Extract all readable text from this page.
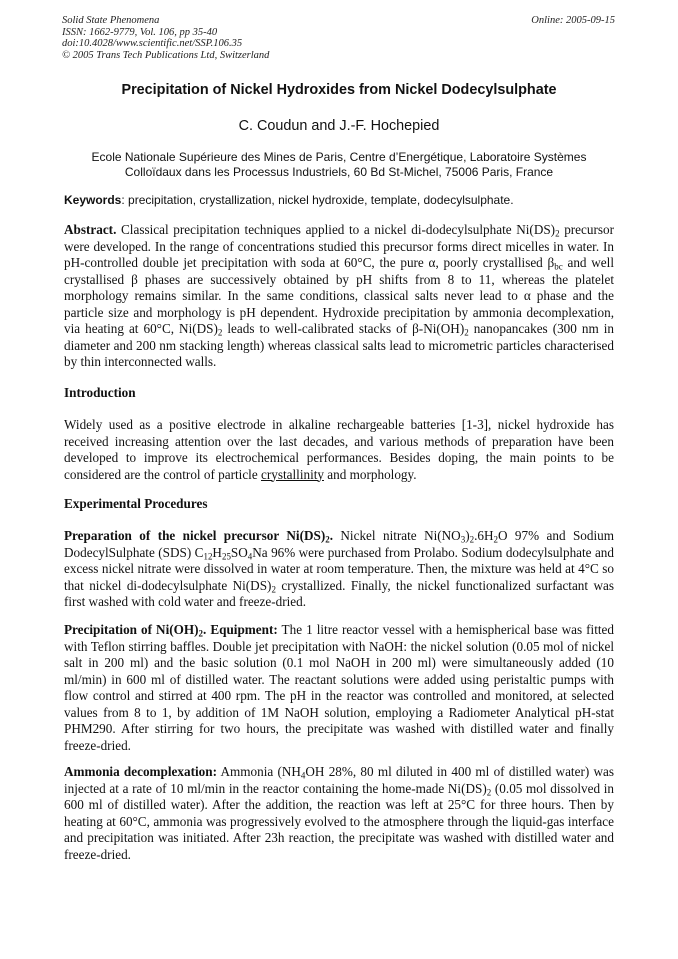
Solid State Phenomena
ISSN: 1662-9779, Vol. 106, pp 35-40
doi:10.4028/www.scientific.net/SSP.106.35
© 2005 Trans Tech Publications Ltd, Switzerland
Online: 2005-09-15
Precipitation of Nickel Hydroxides from Nickel Dodecylsulphate
C. Coudun and J.-F. Hochepied
Ecole Nationale Supérieure des Mines de Paris, Centre d’Energétique, Laboratoire Systèmes
Colloïdaux dans les Processus Industriels, 60 Bd St-Michel, 75006 Paris, France
Keywords: precipitation, crystallization, nickel hydroxide, template, dodecylsulphate.
Abstract. Classical precipitation techniques applied to a nickel di-dodecylsulphate $Ni(DS)_2$ precursor were developed. In the range of concentrations studied this precursor forms direct micelles in water. In pH-controlled double jet precipitation with soda at 60°C, the pure α, poorly crystallised $\beta_{bc}$ and well crystallised β phases are successively obtained by pH shifts from 8 to 11, whereas the platelet morphology remains similar. In the same conditions, classical salts never lead to α phase and the particle size and morphology is pH dependent. Hydroxide precipitation by ammonia decomplexation, via heating at 60°C, $Ni(DS)_2$ leads to well-calibrated stacks of $\beta-Ni(OH)_2$ nanopancakes (300 nm in diameter and 200 nm stacking length) whereas classical salts lead to micrometric particles characterised by thin interconnected walls.
Introduction
Widely used as a positive electrode in alkaline rechargeable batteries [1-3], nickel hydroxide has received increasing attention over the last decades, and various methods of preparation have been developed to improve its electrochemical performances. Besides doping, the main points to be considered are the control of particle crystallinity and morphology.
Experimental Procedures
Preparation of the nickel precursor $Ni(DS)_2$. Nickel nitrate $Ni(NO_3)_2.6H_2O$ 97% and Sodium DodecylSulphate (SDS) $C_{12}H_{25}SO_4Na$ 96% were purchased from Prolabo. Sodium dodecylsulphate and excess nickel nitrate were dissolved in water at room temperature. Then, the mixture was held at 4°C so that nickel di-dodecylsulphate $Ni(DS)_2$ crystallized. Finally, the nickel functionalized surfactant was first washed with cold water and freeze-dried.
Precipitation of $Ni(OH)_2$. Equipment: The 1 litre reactor vessel with a hemispherical base was fitted with Teflon stirring baffles. Double jet precipitation with NaOH: the nickel solution (0.05 mol of nickel salt in 200 ml) and the basic solution (0.1 mol NaOH in 200 ml) were simultaneously added (10 ml/min) in 600 ml of distilled water. The reactant solutions were added using peristaltic pumps with flow control and stirred at 400 rpm. The pH in the reactor was controlled and monitored, at selected values from 8 to 1, by addition of 1M NaOH solution, employing a Radiometer Analytical pH-stat PHM290. After stirring for two hours, the precipitate was washed with distilled water and finally freeze-dried.
Ammonia decomplexation: Ammonia ($NH_4OH$ 28%, 80 ml diluted in 400 ml of distilled water) was injected at a rate of 10 ml/min in the reactor containing the home-made $Ni(DS)_2$ (0.05 mol dissolved in 600 ml of distilled water). After the addition, the reaction was left at 25°C for three hours. Then by heating at 60°C, ammonia was progressively evolved to the atmosphere through the liquid-gas interface and precipitation was initiated. After 23h reaction, the precipitate was washed with distilled water and freeze-dried.
